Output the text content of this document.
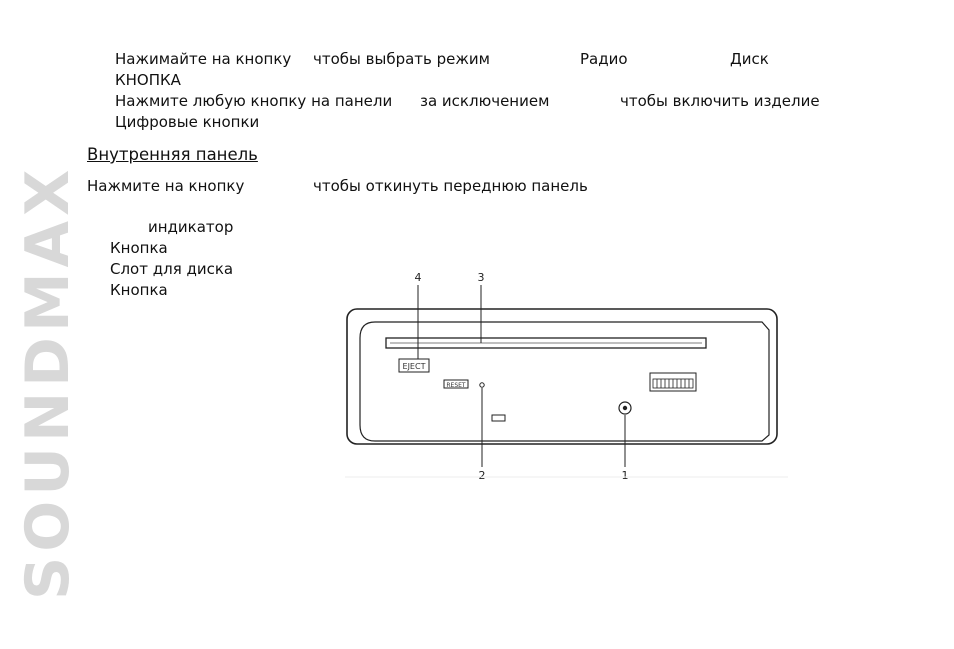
SOUNDMAX
Нажимайте на кнопку чтобы выбрать режим	Радио	Диск
КНОПКА
Нажмите любую кнопку на панели за исключением	чтобы включить изделие
Цифровые кнопки
Внутренняя панель
Нажмите на кнопку	чтобы откинуть переднюю панель
индикатор
Кнопка
Слот для диска
Кнопка
EJECT
RESET
4	3
2	1
